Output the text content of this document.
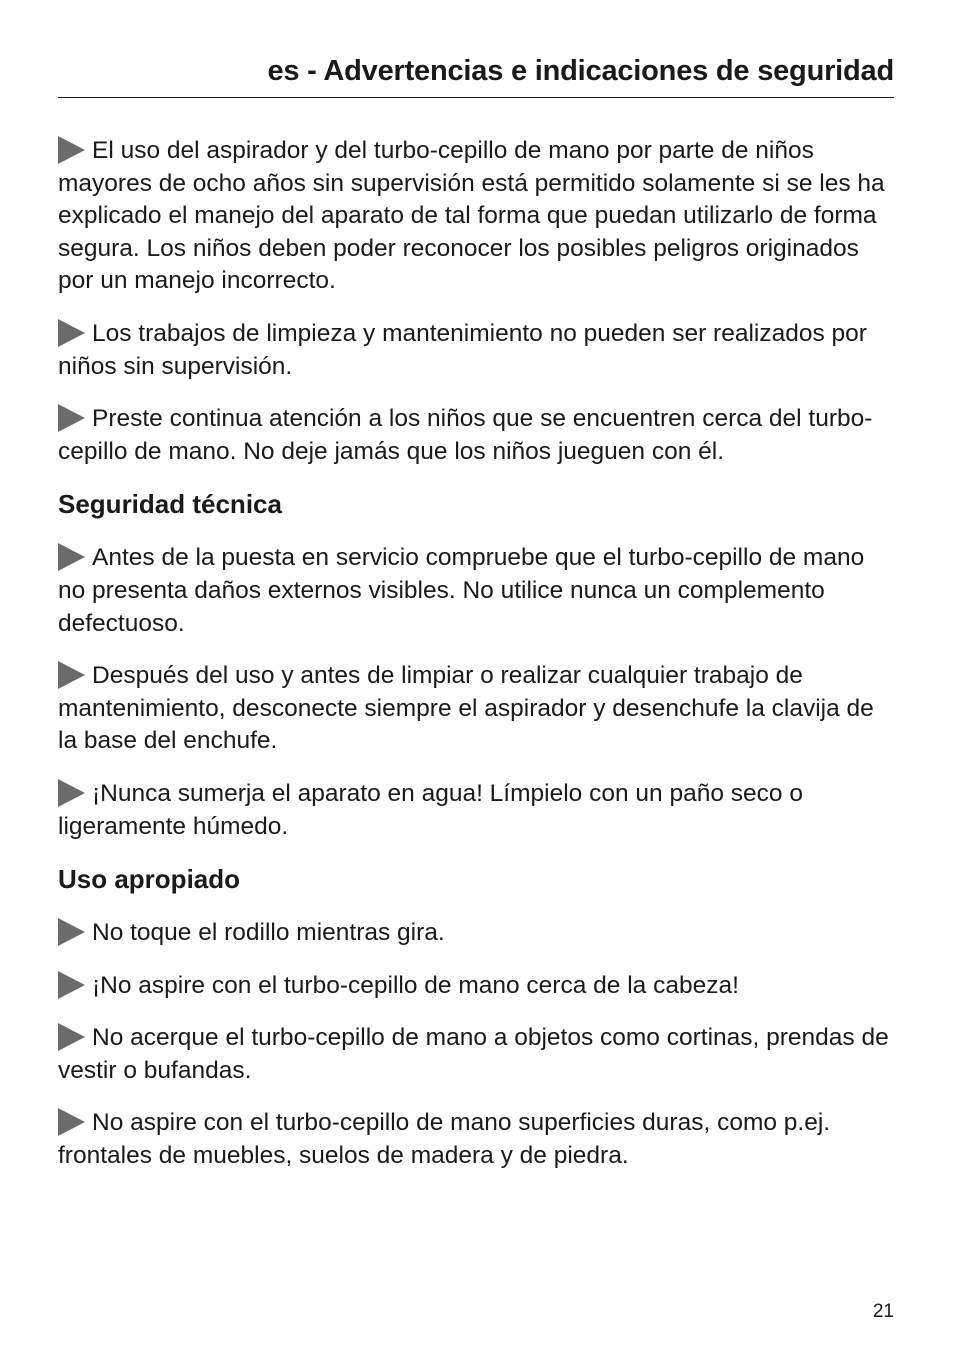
es - Advertencias e indicaciones de seguridad

El uso del aspirador y del turbo-cepillo de mano por parte de niños mayores de ocho años sin supervisión está permitido solamente si se les ha explicado el manejo del aparato de tal forma que puedan utilizarlo de forma segura. Los niños deben poder reconocer los posibles peligros originados por un manejo incorrecto.

Los trabajos de limpieza y mantenimiento no pueden ser realizados por niños sin supervisión.

Preste continua atención a los niños que se encuentren cerca del turbo-cepillo de mano. No deje jamás que los niños jueguen con él.

Seguridad técnica

Antes de la puesta en servicio compruebe que el turbo-cepillo de mano no presenta daños externos visibles. No utilice nunca un complemento defectuoso.

Después del uso y antes de limpiar o realizar cualquier trabajo de mantenimiento, desconecte siempre el aspirador y desenchufe la clavija de la base del enchufe.

¡Nunca sumerja el aparato en agua! Límpielo con un paño seco o ligeramente húmedo.

Uso apropiado

No toque el rodillo mientras gira.

¡No aspire con el turbo-cepillo de mano cerca de la cabeza!

No acerque el turbo-cepillo de mano a objetos como cortinas, prendas de vestir o bufandas.

No aspire con el turbo-cepillo de mano superficies duras, como p.ej. frontales de muebles, suelos de madera y de piedra.

21
